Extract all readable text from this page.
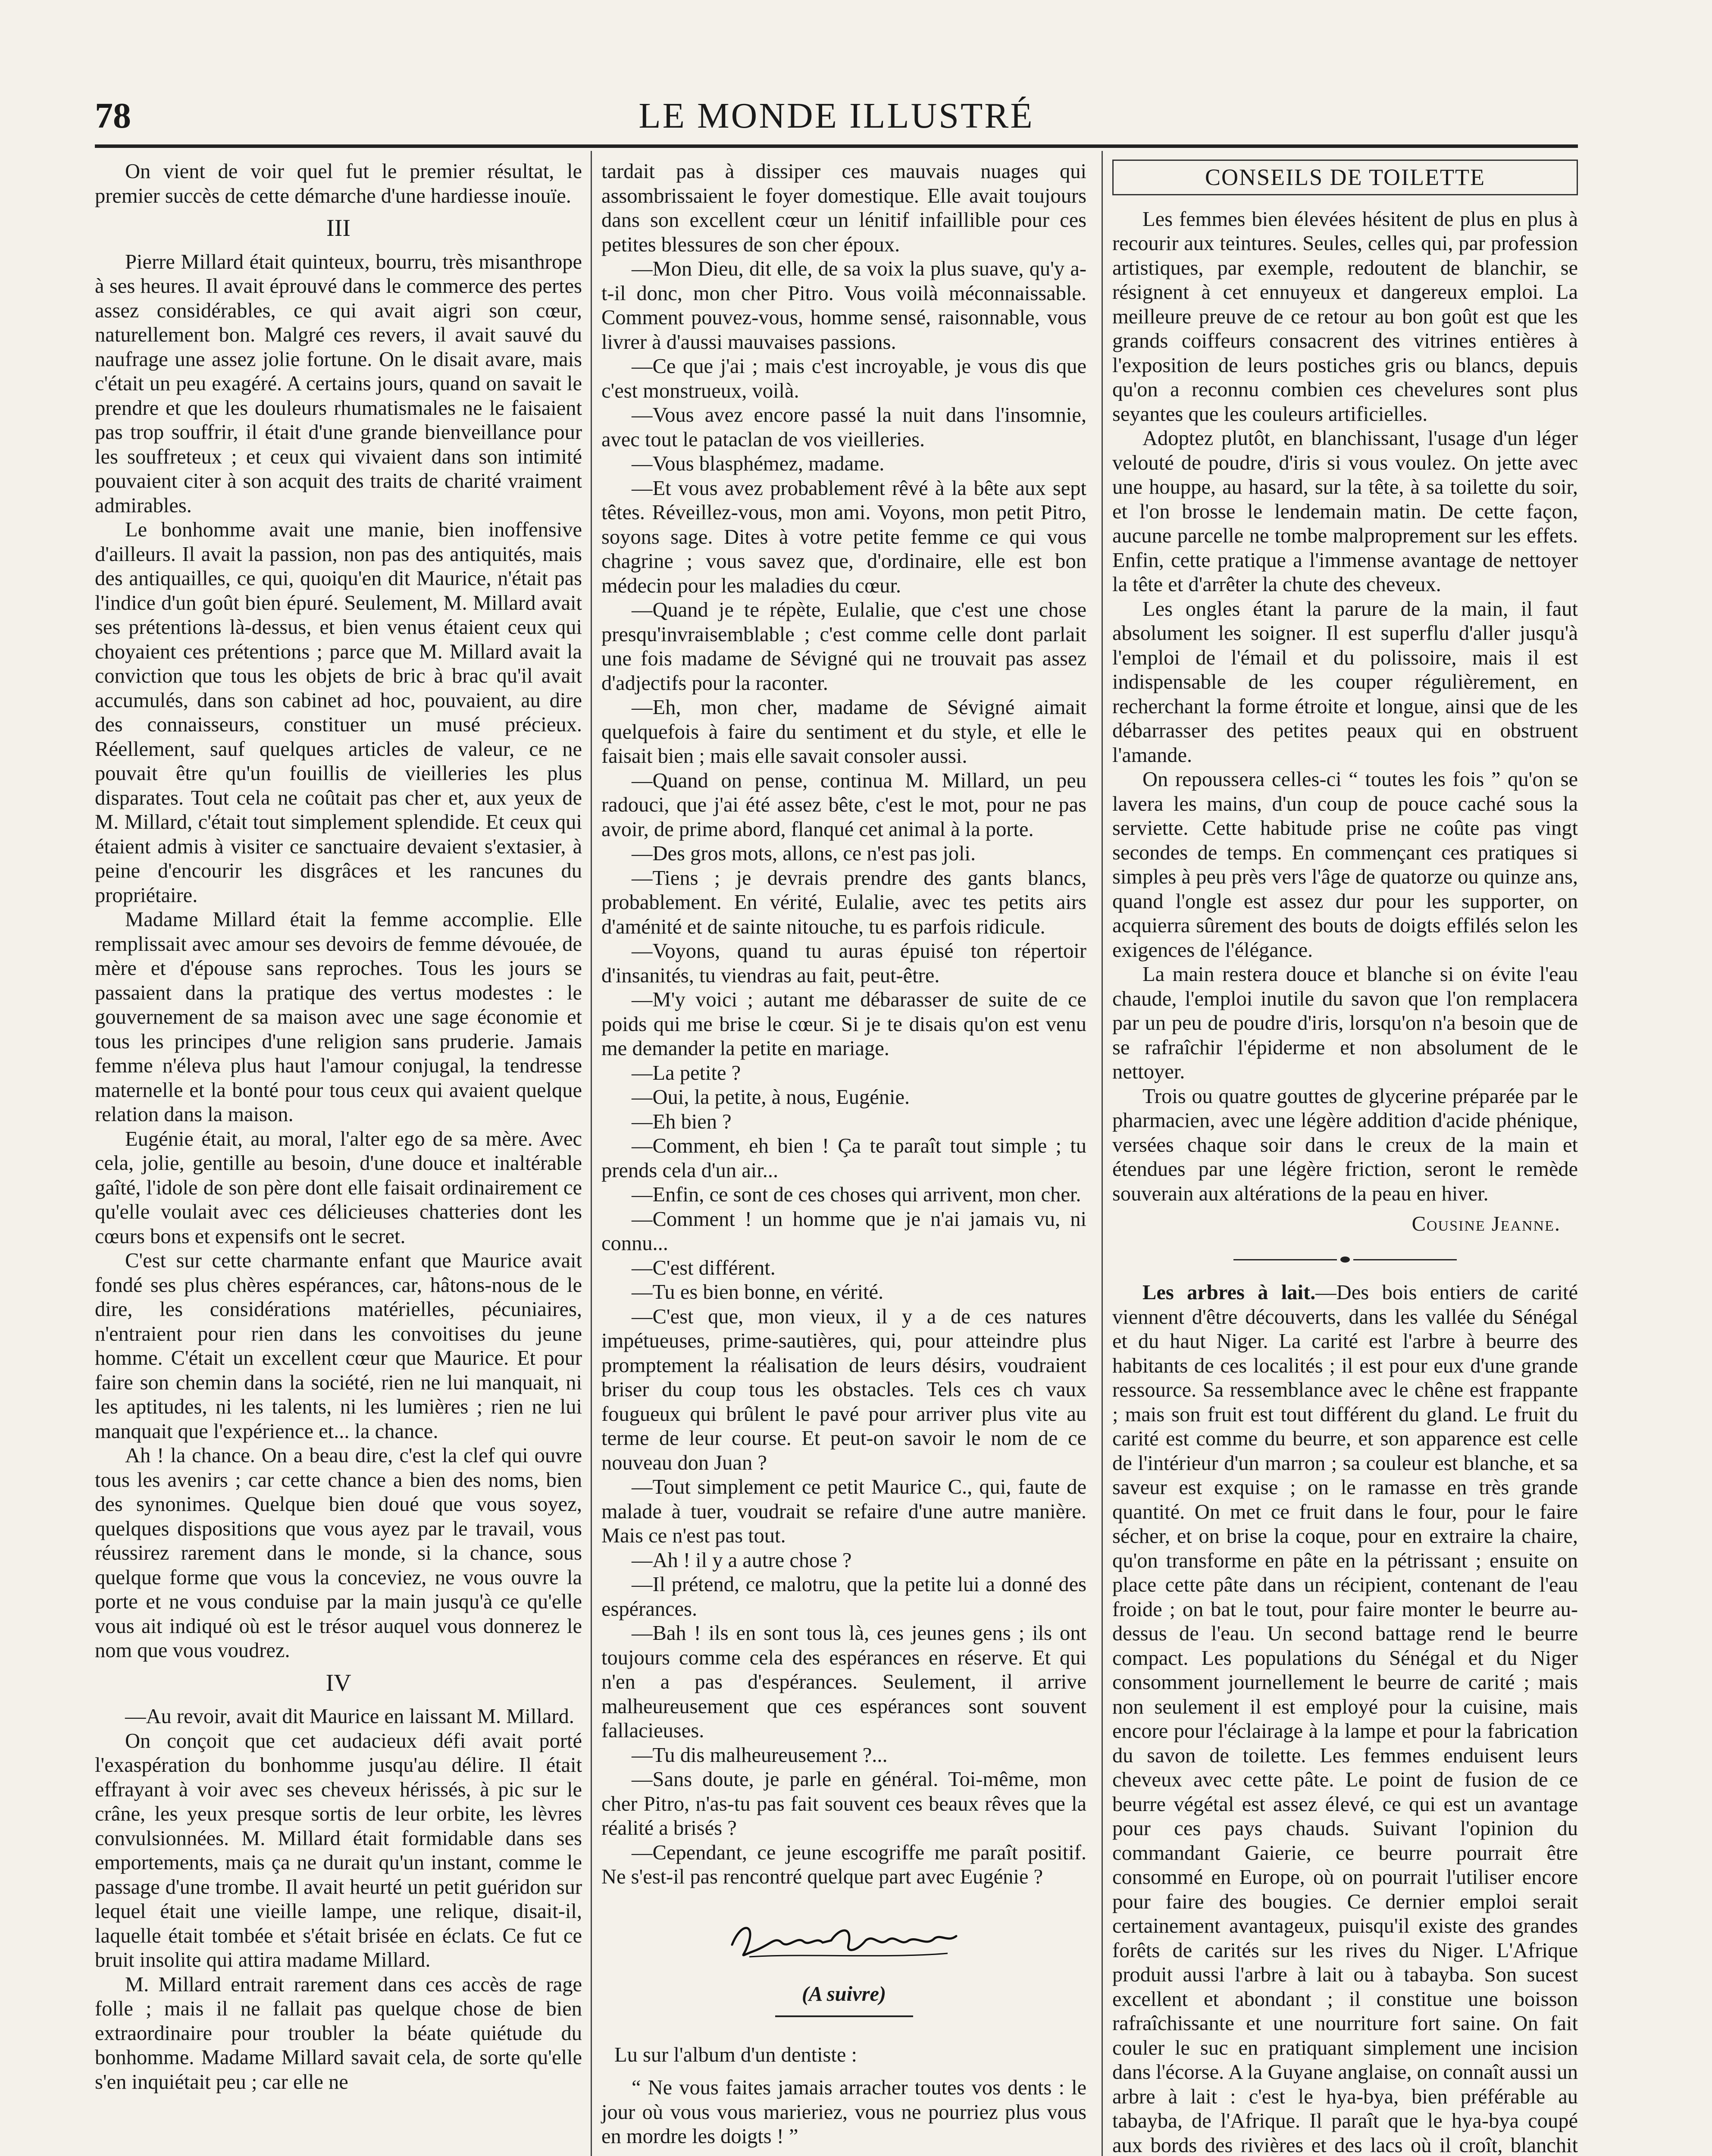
78	LE MONDE ILLUSTRÉ

On vient de voir quel fut le premier résultat, le premier succès de cette démarche d'une hardiesse inouïe.

III

Pierre Millard était quinteux, bourru, très misanthrope à ses heures. Il avait éprouvé dans le commerce des pertes assez considérables, ce qui avait aigri son cœur, naturellement bon. Malgré ces revers, il avait sauvé du naufrage une assez jolie fortune. On le disait avare, mais c'était un peu exagéré. A certains jours, quand on savait le prendre et que les douleurs rhumatismales ne le faisaient pas trop souffrir, il était d'une grande bienveillance pour les souffreteux ; et ceux qui vivaient dans son intimité pouvaient citer à son acquit des traits de charité vraiment admirables.

Le bonhomme avait une manie, bien inoffensive d'ailleurs. Il avait la passion, non pas des antiquités, mais des antiquailles, ce qui, quoiqu'en dit Maurice, n'était pas l'indice d'un goût bien épuré. Seulement, M. Millard avait ses prétentions là-dessus, et bien venus étaient ceux qui choyaient ces prétentions ; parce que M. Millard avait la conviction que tous les objets de bric à brac qu'il avait accumulés, dans son cabinet ad hoc, pouvaient, au dire des connaisseurs, constituer un musé précieux. Réellement, sauf quelques articles de valeur, ce ne pouvait être qu'un fouillis de vieilleries les plus disparates. Tout cela ne coûtait pas cher et, aux yeux de M. Millard, c'était tout simplement splendide. Et ceux qui étaient admis à visiter ce sanctuaire devaient s'extasier, à peine d'encourir les disgrâces et les rancunes du propriétaire.

Madame Millard était la femme accomplie. Elle remplissait avec amour ses devoirs de femme dévouée, de mère et d'épouse sans reproches. Tous les jours se passaient dans la pratique des vertus modestes : le gouvernement de sa maison avec une sage économie et tous les principes d'une religion sans pruderie. Jamais femme n'éleva plus haut l'amour conjugal, la tendresse maternelle et la bonté pour tous ceux qui avaient quelque relation dans la maison.

Eugénie était, au moral, l'alter ego de sa mère. Avec cela, jolie, gentille au besoin, d'une douce et inaltérable gaîté, l'idole de son père dont elle faisait ordinairement ce qu'elle voulait avec ces délicieuses chatteries dont les cœurs bons et expensifs ont le secret.

C'est sur cette charmante enfant que Maurice avait fondé ses plus chères espérances, car, hâtons-nous de le dire, les considérations matérielles, pécuniaires, n'entraient pour rien dans les convoitises du jeune homme. C'était un excellent cœur que Maurice. Et pour faire son chemin dans la société, rien ne lui manquait, ni les aptitudes, ni les talents, ni les lumières ; rien ne lui manquait que l'expérience et... la chance.

Ah ! la chance. On a beau dire, c'est la clef qui ouvre tous les avenirs ; car cette chance a bien des noms, bien des synonimes. Quelque bien doué que vous soyez, quelques dispositions que vous ayez par le travail, vous réussirez rarement dans le monde, si la chance, sous quelque forme que vous la conceviez, ne vous ouvre la porte et ne vous conduise par la main jusqu'à ce qu'elle vous ait indiqué où est le trésor auquel vous donnerez le nom que vous voudrez.

IV

—Au revoir, avait dit Maurice en laissant M. Millard.

On conçoit que cet audacieux défi avait porté l'exaspération du bonhomme jusqu'au délire. Il était effrayant à voir avec ses cheveux hérissés, à pic sur le crâne, les yeux presque sortis de leur orbite, les lèvres convulsionnées. M. Millard était formidable dans ses emportements, mais ça ne durait qu'un instant, comme le passage d'une trombe. Il avait heurté un petit guéridon sur lequel était une vieille lampe, une relique, disait-il, laquelle était tombée et s'était brisée en éclats. Ce fut ce bruit insolite qui attira madame Millard.

M. Millard entrait rarement dans ces accès de rage folle ; mais il ne fallait pas quelque chose de bien extraordinaire pour troubler la béate quiétude du bonhomme. Madame Millard savait cela, de sorte qu'elle s'en inquiétait peu ; car elle ne

tardait pas à dissiper ces mauvais nuages qui assombrissaient le foyer domestique. Elle avait toujours dans son excellent cœur un lénitif infaillible pour ces petites blessures de son cher époux.

—Mon Dieu, dit elle, de sa voix la plus suave, qu'y a-t-il donc, mon cher Pitro. Vous voilà méconnaissable. Comment pouvez-vous, homme sensé, raisonnable, vous livrer à d'aussi mauvaises passions.

—Ce que j'ai ; mais c'est incroyable, je vous dis que c'est monstrueux, voilà.

—Vous avez encore passé la nuit dans l'insomnie, avec tout le pataclan de vos vieilleries.

—Vous blasphémez, madame.

—Et vous avez probablement rêvé à la bête aux sept têtes. Réveillez-vous, mon ami. Voyons, mon petit Pitro, soyons sage. Dites à votre petite femme ce qui vous chagrine ; vous savez que, d'ordinaire, elle est bon médecin pour les maladies du cœur.

—Quand je te répète, Eulalie, que c'est une chose presqu'invraisemblable ; c'est comme celle dont parlait une fois madame de Sévigné qui ne trouvait pas assez d'adjectifs pour la raconter.

—Eh, mon cher, madame de Sévigné aimait quelquefois à faire du sentiment et du style, et elle le faisait bien ; mais elle savait consoler aussi.

—Quand on pense, continua M. Millard, un peu radouci, que j'ai été assez bête, c'est le mot, pour ne pas avoir, de prime abord, flanqué cet animal à la porte.

—Des gros mots, allons, ce n'est pas joli.

—Tiens ; je devrais prendre des gants blancs, probablement. En vérité, Eulalie, avec tes petits airs d'aménité et de sainte nitouche, tu es parfois ridicule.

—Voyons, quand tu auras épuisé ton répertoir d'insanités, tu viendras au fait, peut-être.

—M'y voici ; autant me débarasser de suite de ce poids qui me brise le cœur. Si je te disais qu'on est venu me demander la petite en mariage.

—La petite ?

—Oui, la petite, à nous, Eugénie.

—Eh bien ?

—Comment, eh bien ! Ça te paraît tout simple ; tu prends cela d'un air...

—Enfin, ce sont de ces choses qui arrivent, mon cher.

—Comment ! un homme que je n'ai jamais vu, ni connu...

—C'est différent.

—Tu es bien bonne, en vérité.

—C'est que, mon vieux, il y a de ces natures impétueuses, prime-sautières, qui, pour atteindre plus promptement la réalisation de leurs désirs, voudraient briser du coup tous les obstacles. Tels ces ch vaux fougueux qui brûlent le pavé pour arriver plus vite au terme de leur course. Et peut-on savoir le nom de ce nouveau don Juan ?

—Tout simplement ce petit Maurice C., qui, faute de malade à tuer, voudrait se refaire d'une autre manière. Mais ce n'est pas tout.

—Ah ! il y a autre chose ?

—Il prétend, ce malotru, que la petite lui a donné des espérances.

—Bah ! ils en sont tous là, ces jeunes gens ; ils ont toujours comme cela des espérances en réserve. Et qui n'en a pas d'espérances. Seulement, il arrive malheureusement que ces espérances sont souvent fallacieuses.

—Tu dis malheureusement ?...

—Sans doute, je parle en général. Toi-même, mon cher Pitro, n'as-tu pas fait souvent ces beaux rêves que la réalité a brisés ?

—Cependant, ce jeune escogriffe me paraît positif. Ne s'est-il pas rencontré quelque part avec Eugénie ?

(A suivre)

Lu sur l'album d'un dentiste :

“ Ne vous faites jamais arracher toutes vos dents : le jour où vous vous marieriez, vous ne pourriez plus vous en mordre les doigts ! ”

CONSEILS DE TOILETTE

Les femmes bien élevées hésitent de plus en plus à recourir aux teintures. Seules, celles qui, par profession artistiques, par exemple, redoutent de blanchir, se résignent à cet ennuyeux et dangereux emploi. La meilleure preuve de ce retour au bon goût est que les grands coiffeurs consacrent des vitrines entières à l'exposition de leurs postiches gris ou blancs, depuis qu'on a reconnu combien ces chevelures sont plus seyantes que les couleurs artificielles.

Adoptez plutôt, en blanchissant, l'usage d'un léger velouté de poudre, d'iris si vous voulez. On jette avec une houppe, au hasard, sur la tête, à sa toilette du soir, et l'on brosse le lendemain matin. De cette façon, aucune parcelle ne tombe malproprement sur les effets. Enfin, cette pratique a l'immense avantage de nettoyer la tête et d'arrêter la chute des cheveux.

Les ongles étant la parure de la main, il faut absolument les soigner. Il est superflu d'aller jusqu'à l'emploi de l'émail et du polissoire, mais il est indispensable de les couper régulièrement, en recherchant la forme étroite et longue, ainsi que de les débarrasser des petites peaux qui en obstruent l'amande.

On repoussera celles-ci “ toutes les fois ” qu'on se lavera les mains, d'un coup de pouce caché sous la serviette. Cette habitude prise ne coûte pas vingt secondes de temps. En commençant ces pratiques si simples à peu près vers l'âge de quatorze ou quinze ans, quand l'ongle est assez dur pour les supporter, on acquierra sûrement des bouts de doigts effilés selon les exigences de l'élégance.

La main restera douce et blanche si on évite l'eau chaude, l'emploi inutile du savon que l'on remplacera par un peu de poudre d'iris, lorsqu'on n'a besoin que de se rafraîchir l'épiderme et non absolument de le nettoyer.

Trois ou quatre gouttes de glycerine préparée par le pharmacien, avec une légère addition d'acide phénique, versées chaque soir dans le creux de la main et étendues par une légère friction, seront le remède souverain aux altérations de la peau en hiver.

Cousine Jeanne.

Les arbres à lait.—Des bois entiers de carité viennent d'être découverts, dans les vallée du Sénégal et du haut Niger. La carité est l'arbre à beurre des habitants de ces localités ; il est pour eux d'une grande ressource. Sa ressemblance avec le chêne est frappante ; mais son fruit est tout différent du gland. Le fruit du carité est comme du beurre, et son apparence est celle de l'intérieur d'un marron ; sa couleur est blanche, et sa saveur est exquise ; on le ramasse en très grande quantité. On met ce fruit dans le four, pour le faire sécher, et on brise la coque, pour en extraire la chaire, qu'on transforme en pâte en la pétrissant ; ensuite on place cette pâte dans un récipient, contenant de l'eau froide ; on bat le tout, pour faire monter le beurre au-dessus de l'eau. Un second battage rend le beurre compact. Les populations du Sénégal et du Niger consomment journellement le beurre de carité ; mais non seulement il est employé pour la cuisine, mais encore pour l'éclairage à la lampe et pour la fabrication du savon de toilette. Les femmes enduisent leurs cheveux avec cette pâte. Le point de fusion de ce beurre végétal est assez élevé, ce qui est un avantage pour ces pays chauds. Suivant l'opinion du commandant Gaierie, ce beurre pourrait être consommé en Europe, où on pourrait l'utiliser encore pour faire des bougies. Ce dernier emploi serait certainement avantageux, puisqu'il existe des grandes forêts de carités sur les rives du Niger. L'Afrique produit aussi l'arbre à lait ou à tabayba. Son sucest excellent et abondant ; il constitue une boisson rafraîchissante et une nourriture fort saine. On fait couler le suc en pratiquant simplement une incision dans l'écorse. A la Guyane anglaise, on connaît aussi un arbre à lait : c'est le hya-bya, bien préférable au tabayba, de l'Afrique. Il paraît que le hya-bya coupé aux bords des rivières et des lacs où il croît, blanchit
